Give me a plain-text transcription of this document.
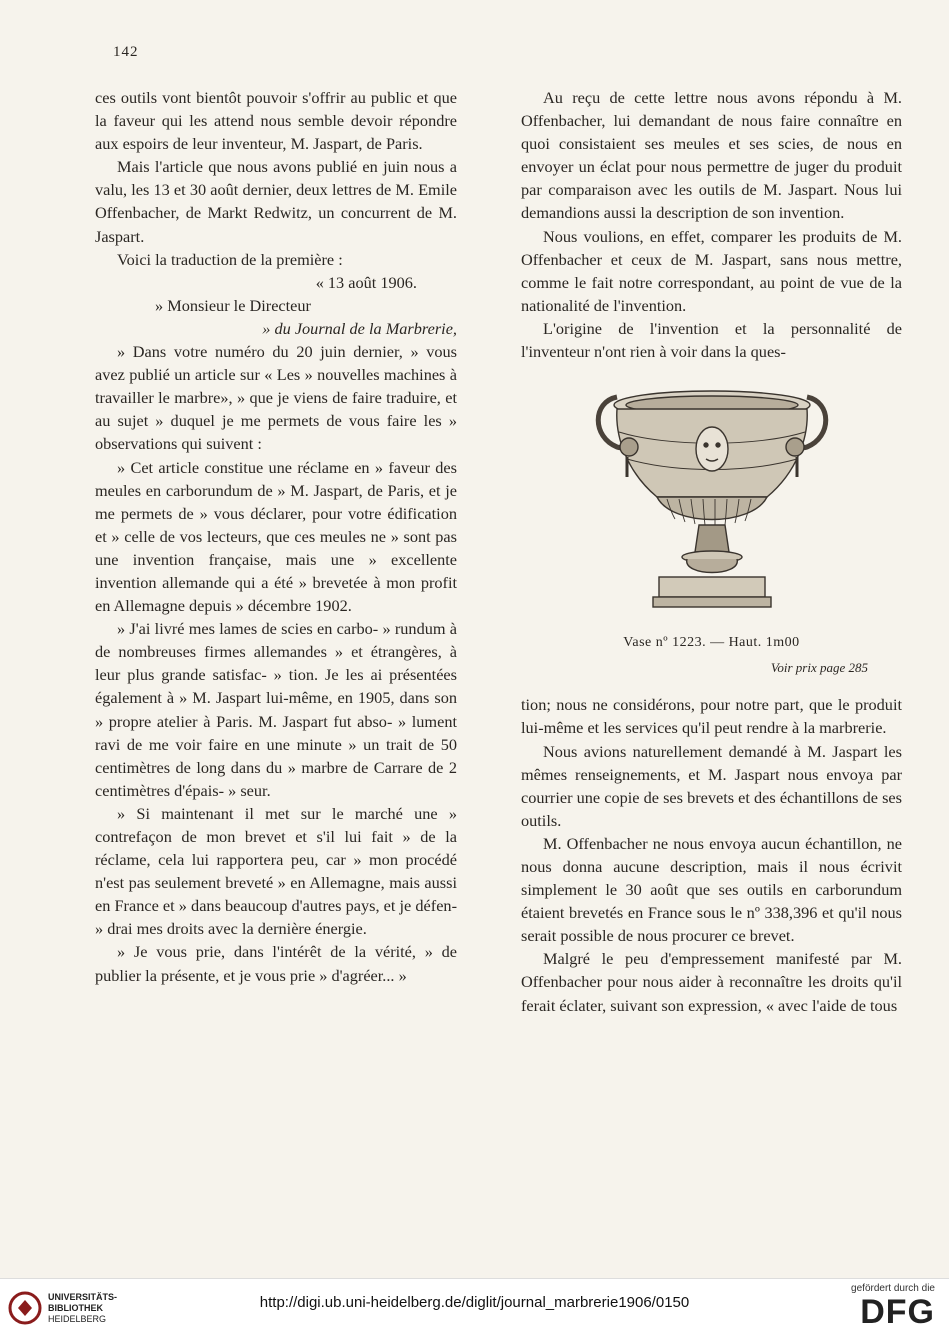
142

ces outils vont bientôt pouvoir s'offrir au public et que la faveur qui les attend nous semble devoir répondre aux espoirs de leur inventeur, M. Jaspart, de Paris.

Mais l'article que nous avons publié en juin nous a valu, les 13 et 30 août dernier, deux lettres de M. Emile Offenbacher, de Markt Redwitz, un concurrent de M. Jaspart.

Voici la traduction de la première :

« 13 août 1906.

» Monsieur le Directeur

» du Journal de la Marbrerie,

» Dans votre numéro du 20 juin dernier, » vous avez publié un article sur « Les » nouvelles machines à travailler le marbre», » que je viens de faire traduire, et au sujet » duquel je me permets de vous faire les » observations qui suivent :

» Cet article constitue une réclame en » faveur des meules en carborundum de » M. Jaspart, de Paris, et je me permets de » vous déclarer, pour votre édification et » celle de vos lecteurs, que ces meules ne » sont pas une invention française, mais une » excellente invention allemande qui a été » brevetée à mon profit en Allemagne depuis » décembre 1902.

» J'ai livré mes lames de scies en carbo- » rundum à de nombreuses firmes allemandes » et étrangères, à leur plus grande satisfac- » tion. Je les ai présentées également à » M. Jaspart lui-même, en 1905, dans son » propre atelier à Paris. M. Jaspart fut abso- » lument ravi de me voir faire en une minute » un trait de 50 centimètres de long dans du » marbre de Carrare de 2 centimètres d'épais- » seur.

» Si maintenant il met sur le marché une » contrefaçon de mon brevet et s'il lui fait » de la réclame, cela lui rapportera peu, car » mon procédé n'est pas seulement breveté » en Allemagne, mais aussi en France et » dans beaucoup d'autres pays, et je défen- » drai mes droits avec la dernière énergie.

» Je vous prie, dans l'intérêt de la vérité, » de publier la présente, et je vous prie » d'agréer... »

Au reçu de cette lettre nous avons répondu à M. Offenbacher, lui demandant de nous faire connaître en quoi consistaient ses meules et ses scies, de nous en envoyer un éclat pour nous permettre de juger du produit par comparaison avec les outils de M. Jaspart. Nous lui demandions aussi la description de son invention.

Nous voulions, en effet, comparer les produits de M. Offenbacher et ceux de M. Jaspart, sans nous mettre, comme le fait notre correspondant, au point de vue de la nationalité de l'invention.

L'origine de l'invention et la personnalité de l'inventeur n'ont rien à voir dans la ques-

Vase nº 1223. — Haut. 1m00
Voir prix page 285

tion; nous ne considérons, pour notre part, que le produit lui-même et les services qu'il peut rendre à la marbrerie.

Nous avions naturellement demandé à M. Jaspart les mêmes renseignements, et M. Jaspart nous envoya par courrier une copie de ses brevets et des échantillons de ses outils.

M. Offenbacher ne nous envoya aucun échantillon, ne nous donna aucune description, mais il nous écrivit simplement le 30 août que ses outils en carborundum étaient brevetés en France sous le nº 338,396 et qu'il nous serait possible de nous procurer ce brevet.

Malgré le peu d'empressement manifesté par M. Offenbacher pour nous aider à reconnaître les droits qu'il ferait éclater, suivant son expression, « avec l'aide de tous

UNIVERSITÄTS-
BIBLIOTHEK
HEIDELBERG
http://digi.ub.uni-heidelberg.de/diglit/journal_marbrerie1906/0150
gefördert durch die
DFG
